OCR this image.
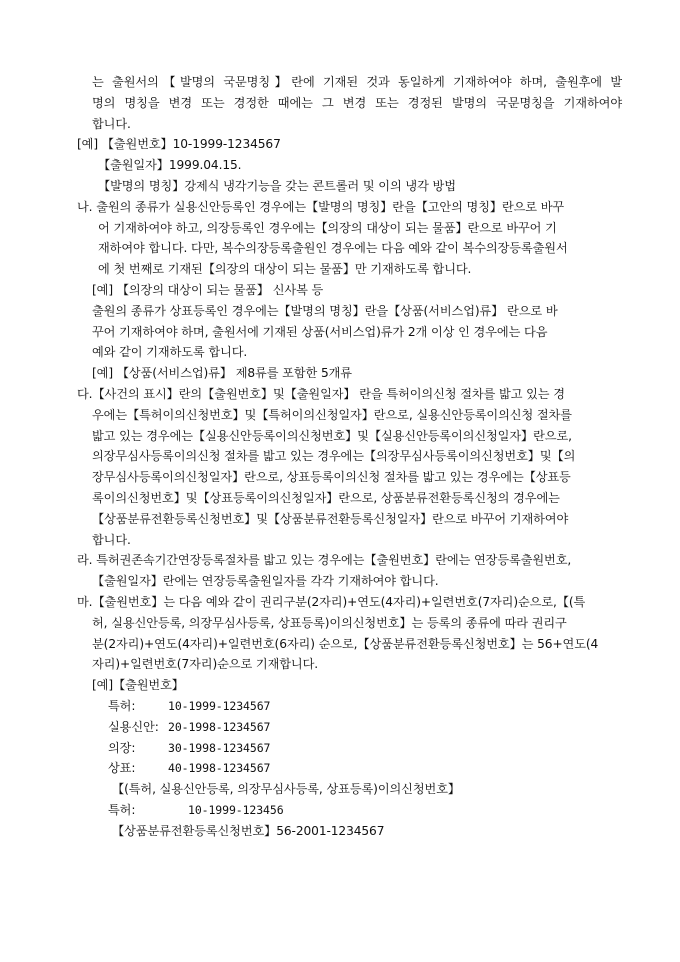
는 출원서의【발명의 국문명칭】란에 기재된 것과 동일하게 기재하여야 하며, 출원후에 발
명의 명칭을 변경 또는 경정한 때에는 그 변경 또는 경정된 발명의 국문명칭을 기재하여야
합니다.
[예] 【출원번호】10-1999-1234567
【출원일자】1999.04.15.
【발명의 명칭】강제식 냉각기능을 갖는 콘트롤러 및 이의 냉각 방법
나. 출원의 종류가 실용신안등록인 경우에는【발명의 명칭】란을【고안의 명칭】란으로 바꾸
어 기재하여야 하고, 의장등록인 경우에는【의장의 대상이 되는 물품】란으로 바꾸어 기
재하여야 합니다. 다만, 복수의장등록출원인 경우에는 다음 예와 같이 복수의장등록출원서
에 첫 번째로 기재된【의장의 대상이 되는 물품】만 기재하도록 합니다.
[예] 【의장의 대상이 되는 물품】 신사복 등
출원의 종류가 상표등록인 경우에는【발명의 명칭】란을【상품(서비스업)류】 란으로 바
꾸어 기재하여야 하며, 출원서에 기재된 상품(서비스업)류가 2개 이상 인 경우에는 다음
예와 같이 기재하도록 합니다.
[예] 【상품(서비스업)류】 제8류를 포함한 5개류
다.【사건의 표시】란의【출원번호】및【출원일자】 란을 특허이의신청 절차를 밟고 있는 경
우에는【특허이의신청번호】및【특허이의신청일자】란으로, 실용신안등록이의신청 절차를
밟고 있는 경우에는【실용신안등록이의신청번호】및【실용신안등록이의신청일자】란으로,
의장무심사등록이의신청 절차를 밟고 있는 경우에는【의장무심사등록이의신청번호】및【의
장무심사등록이의신청일자】란으로, 상표등록이의신청 절차를 밟고 있는 경우에는【상표등
록이의신청번호】및【상표등록이의신청일자】란으로, 상품분류전환등록신청의 경우에는
【상품분류전환등록신청번호】및【상품분류전환등록신청일자】란으로 바꾸어 기재하여야
합니다.
라. 특허권존속기간연장등록절차를 밟고 있는 경우에는【출원번호】란에는 연장등록출원번호,
【출원일자】란에는 연장등록출원일자를 각각 기재하여야 합니다.
마.【출원번호】는 다음 예와 같이 권리구분(2자리)+연도(4자리)+일련번호(7자리)순으로,【(특
허, 실용신안등록, 의장무심사등록, 상표등록)이의신청번호】는 등록의 종류에 따라 권리구
분(2자리)+연도(4자리)+일련번호(6자리) 순으로,【상품분류전환등록신청번호】는 56+연도(4
자리)+일련번호(7자리)순으로 기재합니다.
[예]【출원번호】
특허:	10-1999-1234567
실용신안: 20-1998-1234567
의장:	30-1998-1234567
상표:	40-1998-1234567
【(특허, 실용신안등록, 의장무심사등록, 상표등록)이의신청번호】
특허:	10-1999-123456
【상품분류전환등록신청번호】56-2001-1234567
